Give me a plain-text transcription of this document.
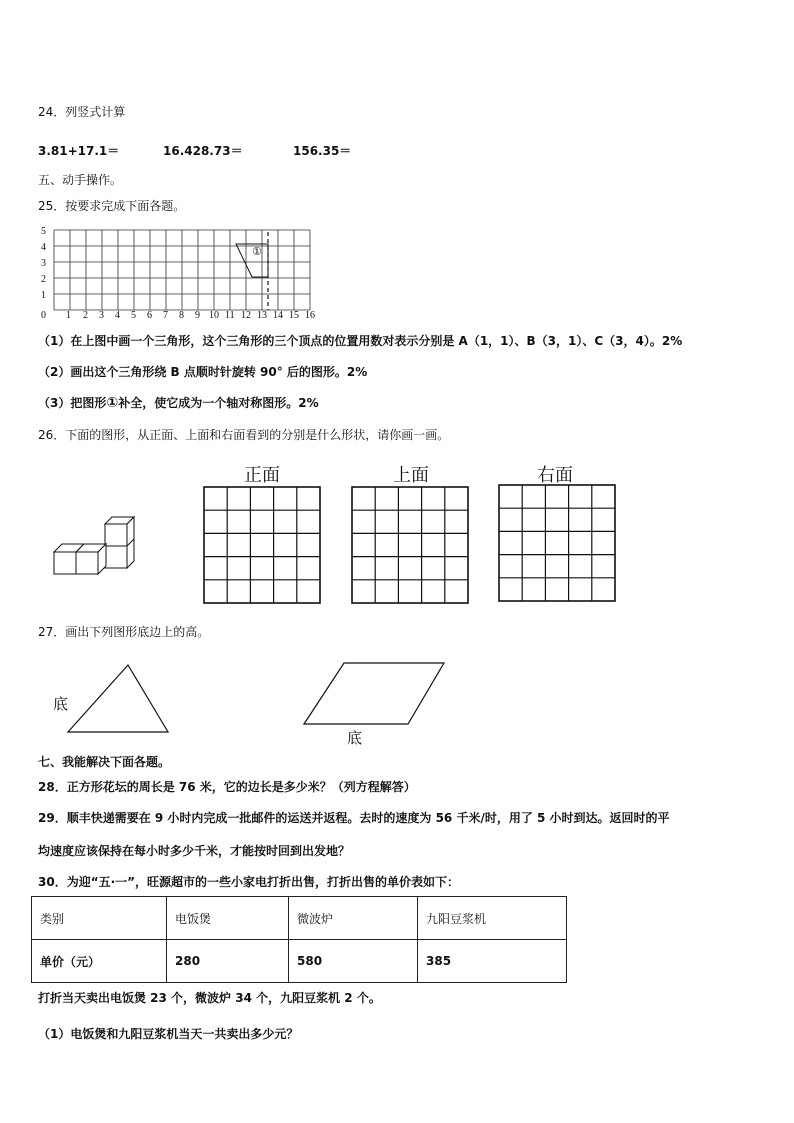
24．列竖式计算
3.81+17.1＝	16.428.73＝	156.35＝
五、动手操作。
25．按要求完成下面各题。
①
5
4
3
2
1
0 1 2 3 4 5 6 7 8 9 10 11 12 13 14 15 16
（1）在上图中画一个三角形，这个三角形的三个顶点的位置用数对表示分别是 A（1，1）、B（3，1）、C（3，4）。2%
（2）画出这个三角形绕 B 点顺时针旋转 90° 后的图形。2%
（3）把图形①补全，使它成为一个轴对称图形。2%
26．下面的图形，从正面、上面和右面看到的分别是什么形状，请你画一画。
正面	上面	右面
27．画出下列图形底边上的高。
底
底
七、我能解决下面各题。
28．正方形花坛的周长是 76 米，它的边长是多少米？（列方程解答）
29．顺丰快递需要在 9 小时内完成一批邮件的运送并返程。去时的速度为 56 千米/时，用了 5 小时到达。返回时的平
均速度应该保持在每小时多少千米，才能按时回到出发地？
30．为迎“五·一”，旺源超市的一些小家电打折出售，打折出售的单价表如下：
类别	电饭煲	微波炉	九阳豆浆机
单价（元）	280	580	385
打折当天卖出电饭煲 23 个，微波炉 34 个，九阳豆浆机 2 个。
（1）电饭煲和九阳豆浆机当天一共卖出多少元？
